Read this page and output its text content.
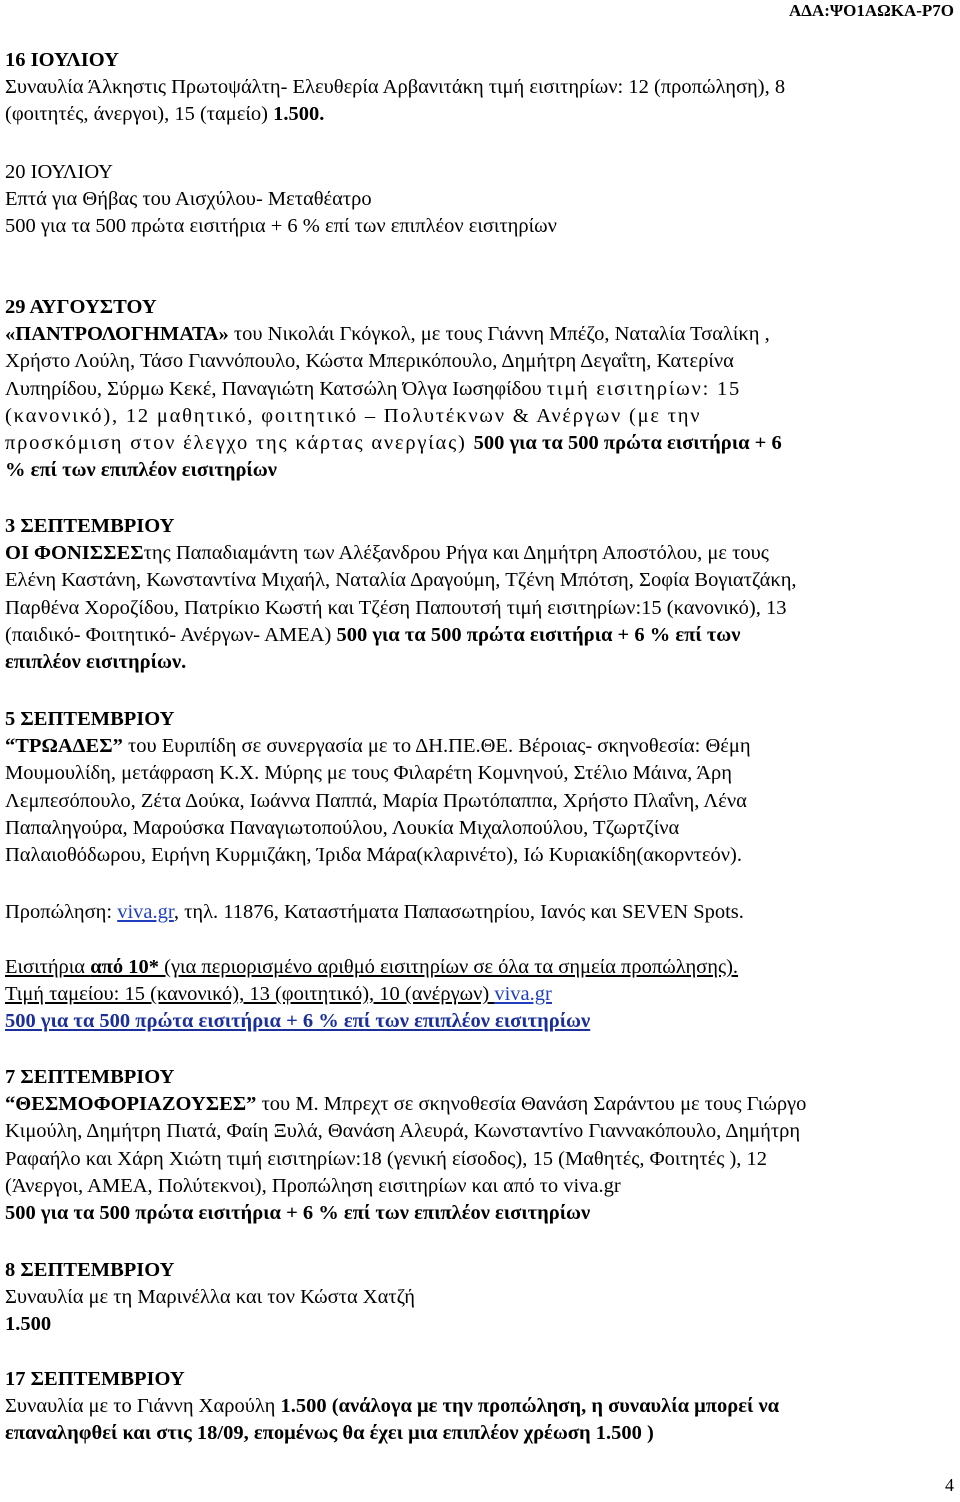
ΑΔΑ:ΨΟ1ΑΩΚΑ-Ρ7Ο

16 ΙΟΥΛΙΟΥ

Συναυλία Άλκηστις Πρωτοψάλτη- Ελευθερία Αρβανιτάκη τιμή εισιτηρίων: 12 (προπώληση), 8

(φοιτητές, άνεργοι), 15 (ταμείο) 1.500.

20 ΙΟΥΛΙΟΥ

Επτά για Θήβας του Αισχύλου- Μεταθέατρο

500 για τα 500 πρώτα εισιτήρια + 6 % επί των επιπλέον εισιτηρίων

29 ΑΥΓΟΥΣΤΟΥ

«ΠΑΝΤΡΟΛΟΓΗΜΑΤΑ» του Νικολάι Γκόγκολ, με τους Γιάννη Μπέζο, Ναταλία Τσαλίκη ,

Χρήστο Λούλη, Τάσο Γιαννόπουλο, Κώστα Μπερικόπουλο, Δημήτρη Δεγαΐτη, Κατερίνα

Λυπηρίδου, Σύρμω Κεκέ, Παναγιώτη Κατσώλη Όλγα Ιωσηφίδου τιμή εισιτηρίων: 15

(κανονικό), 12 μαθητικό, φοιτητικό – Πολυτέκνων & Ανέργων (με την

προσκόμιση στον έλεγχο της κάρτας ανεργίας) 500 για τα 500 πρώτα εισιτήρια + 6

% επί των επιπλέον εισιτηρίων

3 ΣΕΠΤΕΜΒΡΙΟΥ

ΟΙ ΦΟΝΙΣΣΕΣτης Παπαδιαμάντη των Αλέξανδρου Ρήγα και Δημήτρη Αποστόλου, με τους

Ελένη Καστάνη, Κωνσταντίνα Μιχαήλ, Ναταλία Δραγούμη, Τζένη Μπότση, Σοφία Βογιατζάκη,

Παρθένα Χοροζίδου, Πατρίκιο Κωστή και Τζέση Παπουτσή τιμή εισιτηρίων:15 (κανονικό), 13

(παιδικό- Φοιτητικό- Ανέργων- ΑΜΕΑ) 500 για τα 500 πρώτα εισιτήρια + 6 % επί των

επιπλέον εισιτηρίων.

5 ΣΕΠΤΕΜΒΡΙΟΥ

“ΤΡΩΑΔΕΣ” του Ευριπίδη σε συνεργασία με το ΔΗ.ΠΕ.ΘΕ. Βέροιας- σκηνοθεσία: Θέμη

Μουμουλίδη, μετάφραση Κ.Χ. Μύρης με τους Φιλαρέτη Κομνηνού, Στέλιο Μάινα, Άρη

Λεμπεσόπουλο, Ζέτα Δούκα, Ιωάννα Παππά, Μαρία Πρωτόπαππα, Χρήστο Πλαΐνη, Λένα

Παπαληγούρα, Μαρούσκα Παναγιωτοπούλου, Λουκία Μιχαλοπούλου, Τζωρτζίνα

Παλαιοθόδωρου, Ειρήνη Κυρμιζάκη, Ίριδα Μάρα(κλαρινέτο), Ιώ Κυριακίδη(ακορντεόν).

Προπώληση: viva.gr, τηλ. 11876, Καταστήματα Παπασωτηρίου, Ιανός και SEVEN Spots.

Εισιτήρια από 10* (για περιορισμένο αριθμό εισιτηρίων σε όλα τα σημεία προπώλησης).

Τιμή ταμείου: 15 (κανονικό), 13 (φοιτητικό), 10 (ανέργων) viva.gr

500 για τα 500 πρώτα εισιτήρια + 6 % επί των επιπλέον εισιτηρίων

7 ΣΕΠΤΕΜΒΡΙΟΥ

“ΘΕΣΜΟΦΟΡΙΑΖΟΥΣΕΣ” του Μ. Μπρεχτ σε σκηνοθεσία Θανάση Σαράντου με τους Γιώργο

Κιμούλη, Δημήτρη Πιατά, Φαίη Ξυλά, Θανάση Αλευρά, Κωνσταντίνο Γιαννακόπουλο, Δημήτρη

Ραφαήλο και Χάρη Χιώτη τιμή εισιτηρίων:18 (γενική είσοδος), 15 (Μαθητές, Φοιτητές ), 12

(Άνεργοι, ΑΜΕΑ, Πολύτεκνοι), Προπώληση εισιτηρίων και από το viva.gr

500 για τα 500 πρώτα εισιτήρια + 6 % επί των επιπλέον εισιτηρίων

8 ΣΕΠΤΕΜΒΡΙΟΥ

Συναυλία με τη Μαρινέλλα και τον Κώστα Χατζή

1.500

17 ΣΕΠΤΕΜΒΡΙΟΥ

Συναυλία με το Γιάννη Χαρούλη 1.500 (ανάλογα με την προπώληση, η συναυλία μπορεί να

επαναληφθεί και στις 18/09, επομένως θα έχει μια επιπλέον χρέωση 1.500 )

4
